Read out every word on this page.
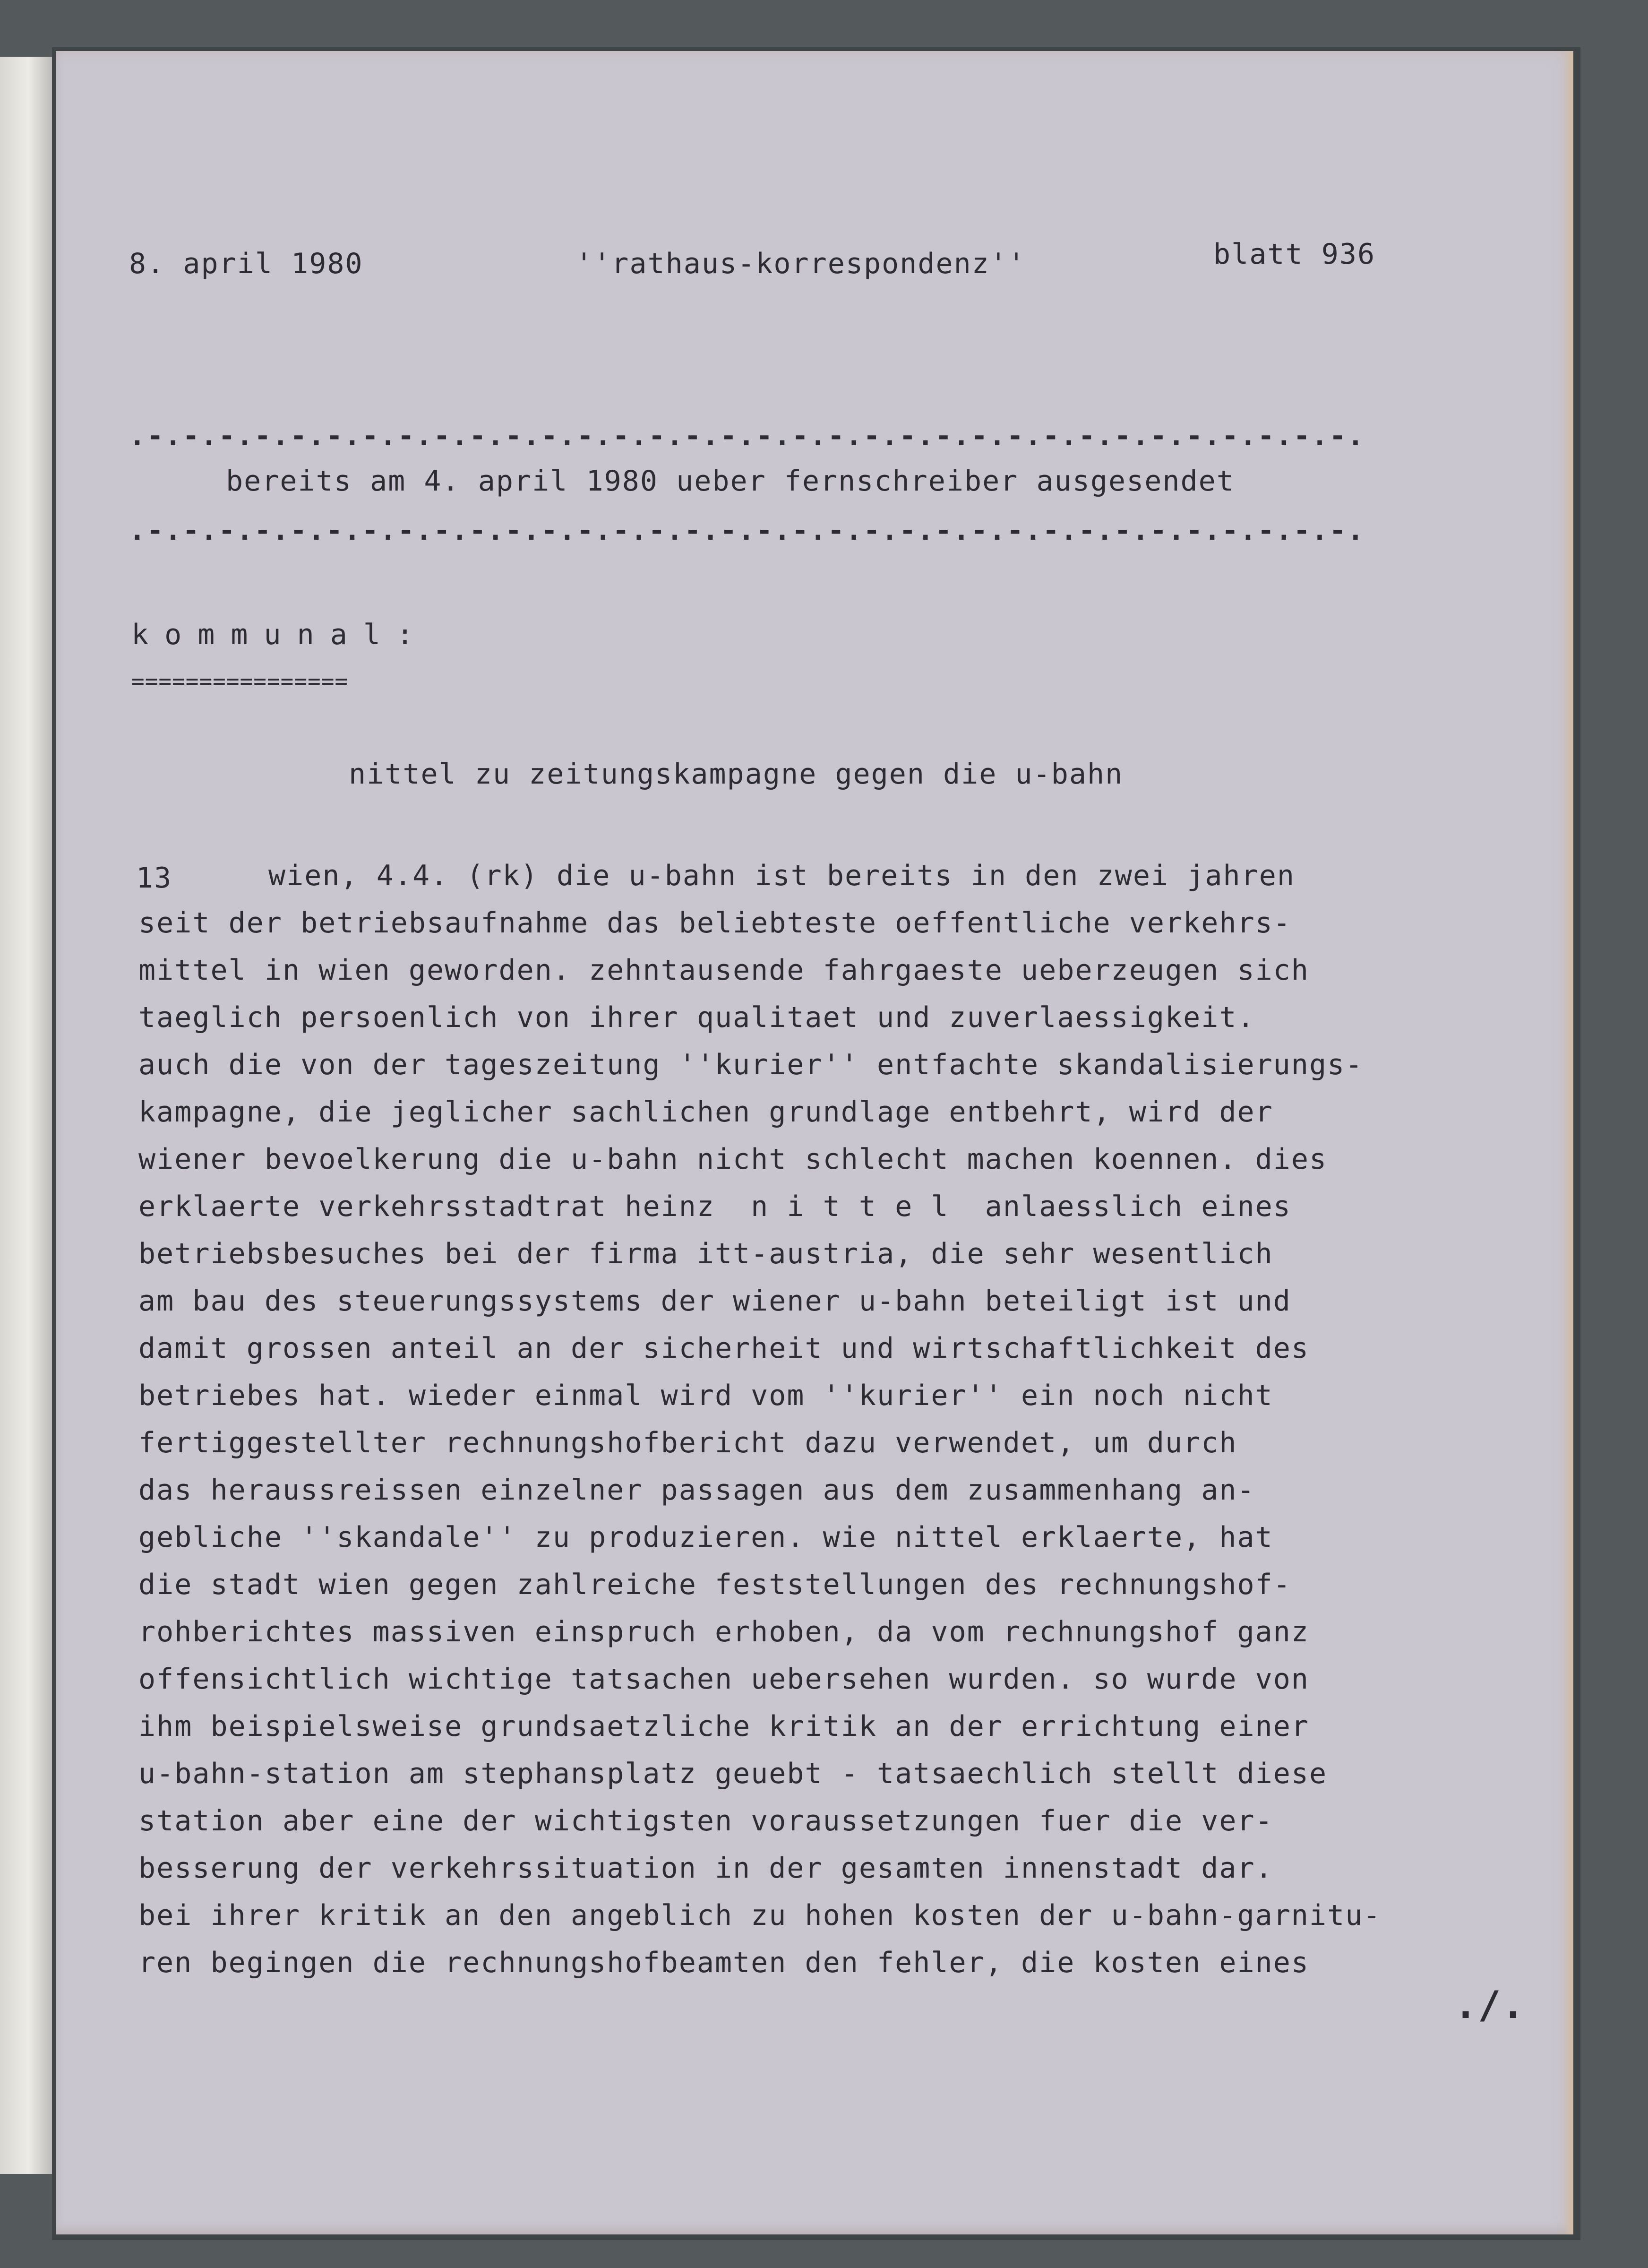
8. april 1980	''rathaus-korrespondenz''	blatt 936
.-.-.-.-.-.-.-.-.-.-.-.-.-.-.-.-.-.-.-.-.-.-.-.-.-.-.-.-.-.-.-.-.-.-.
bereits am 4. april 1980 ueber fernschreiber ausgesendet
.-.-.-.-.-.-.-.-.-.-.-.-.-.-.-.-.-.-.-.-.-.-.-.-.-.-.-.-.-.-.-.-.-.-.
kommunal:
================
nittel zu zeitungskampagne gegen die u-bahn
13	wien, 4.4. (rk) die u-bahn ist bereits in den zwei jahren
seit der betriebsaufnahme das beliebteste oeffentliche verkehrs-
mittel in wien geworden. zehntausende fahrgaeste ueberzeugen sich
taeglich persoenlich von ihrer qualitaet und zuverlaessigkeit.
auch die von der tageszeitung ''kurier'' entfachte skandalisierungs-
kampagne, die jeglicher sachlichen grundlage entbehrt, wird der
wiener bevoelkerung die u-bahn nicht schlecht machen koennen. dies
erklaerte verkehrsstadtrat heinz  n i t t e l  anlaesslich eines
betriebsbesuches bei der firma itt-austria, die sehr wesentlich
am bau des steuerungssystems der wiener u-bahn beteiligt ist und
damit grossen anteil an der sicherheit und wirtschaftlichkeit des
betriebes hat. wieder einmal wird vom ''kurier'' ein noch nicht
fertiggestellter rechnungshofbericht dazu verwendet, um durch
das heraussreissen einzelner passagen aus dem zusammenhang an-
gebliche ''skandale'' zu produzieren. wie nittel erklaerte, hat
die stadt wien gegen zahlreiche feststellungen des rechnungshof-
rohberichtes massiven einspruch erhoben, da vom rechnungshof ganz
offensichtlich wichtige tatsachen uebersehen wurden. so wurde von
ihm beispielsweise grundsaetzliche kritik an der errichtung einer
u-bahn-station am stephansplatz geuebt - tatsaechlich stellt diese
station aber eine der wichtigsten voraussetzungen fuer die ver-
besserung der verkehrssituation in der gesamten innenstadt dar.
bei ihrer kritik an den angeblich zu hohen kosten der u-bahn-garnitu-
ren begingen die rechnungshofbeamten den fehler, die kosten eines
./.
